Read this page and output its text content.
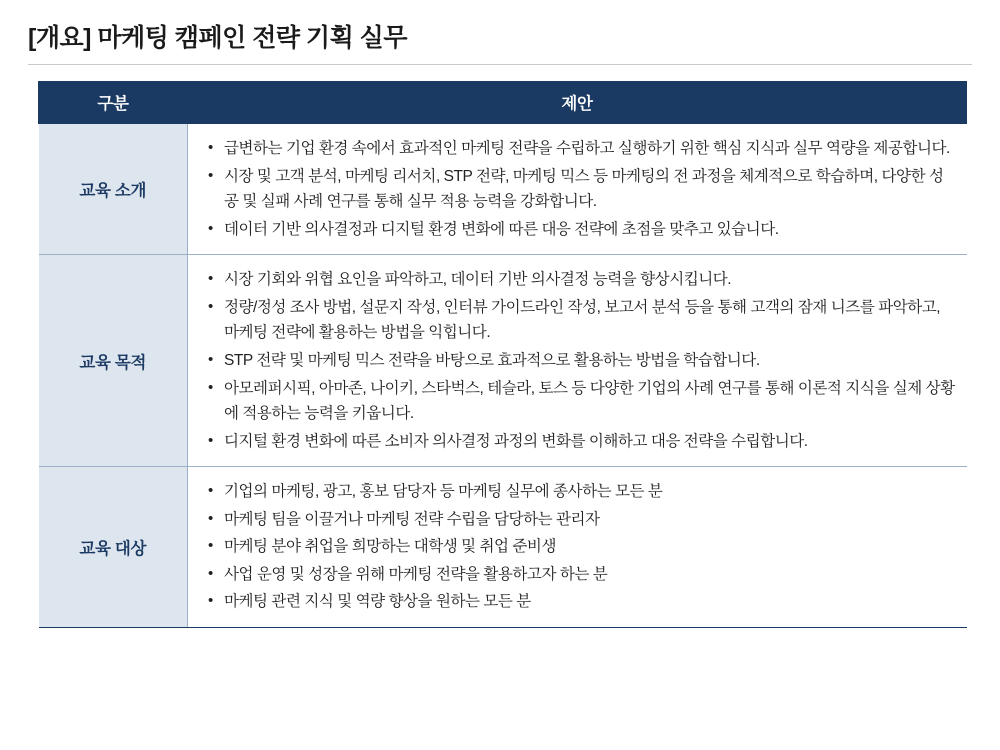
[개요] 마케팅 캠페인 전략 기획 실무
구분	제안
교육 소개	
• 급변하는 기업 환경 속에서 효과적인 마케팅 전략을 수립하고 실행하기 위한 핵심 지식과 실무 역량을 제공합니다.
• 시장 및 고객 분석, 마케팅 리서치, STP 전략, 마케팅 믹스 등 마케팅의 전 과정을 체계적으로 학습하며, 다양한 성공 및 실패 사례 연구를 통해 실무 적용 능력을 강화합니다.
• 데이터 기반 의사결정과 디지털 환경 변화에 따른 대응 전략에 초점을 맞추고 있습니다.

교육 목적	
• 시장 기회와 위협 요인을 파악하고, 데이터 기반 의사결정 능력을 향상시킵니다.
• 정량/정성 조사 방법, 설문지 작성, 인터뷰 가이드라인 작성, 보고서 분석 등을 통해 고객의 잠재 니즈를 파악하고, 마케팅 전략에 활용하는 방법을 익힙니다.
• STP 전략 및 마케팅 믹스 전략을 바탕으로 효과적으로 활용하는 방법을 학습합니다.
• 아모레퍼시픽, 아마존, 나이키, 스타벅스, 테슬라, 토스 등 다양한 기업의 사례 연구를 통해 이론적 지식을 실제 상황에 적용하는 능력을 키웁니다.
• 디지털 환경 변화에 따른 소비자 의사결정 과정의 변화를 이해하고 대응 전략을 수립합니다.

교육 대상	
• 기업의 마케팅, 광고, 홍보 담당자 등 마케팅 실무에 종사하는 모든 분
• 마케팅 팀을 이끌거나 마케팅 전략 수립을 담당하는 관리자
• 마케팅 분야 취업을 희망하는 대학생 및 취업 준비생
• 사업 운영 및 성장을 위해 마케팅 전략을 활용하고자 하는 분
• 마케팅 관련 지식 및 역량 향상을 원하는 모든 분
